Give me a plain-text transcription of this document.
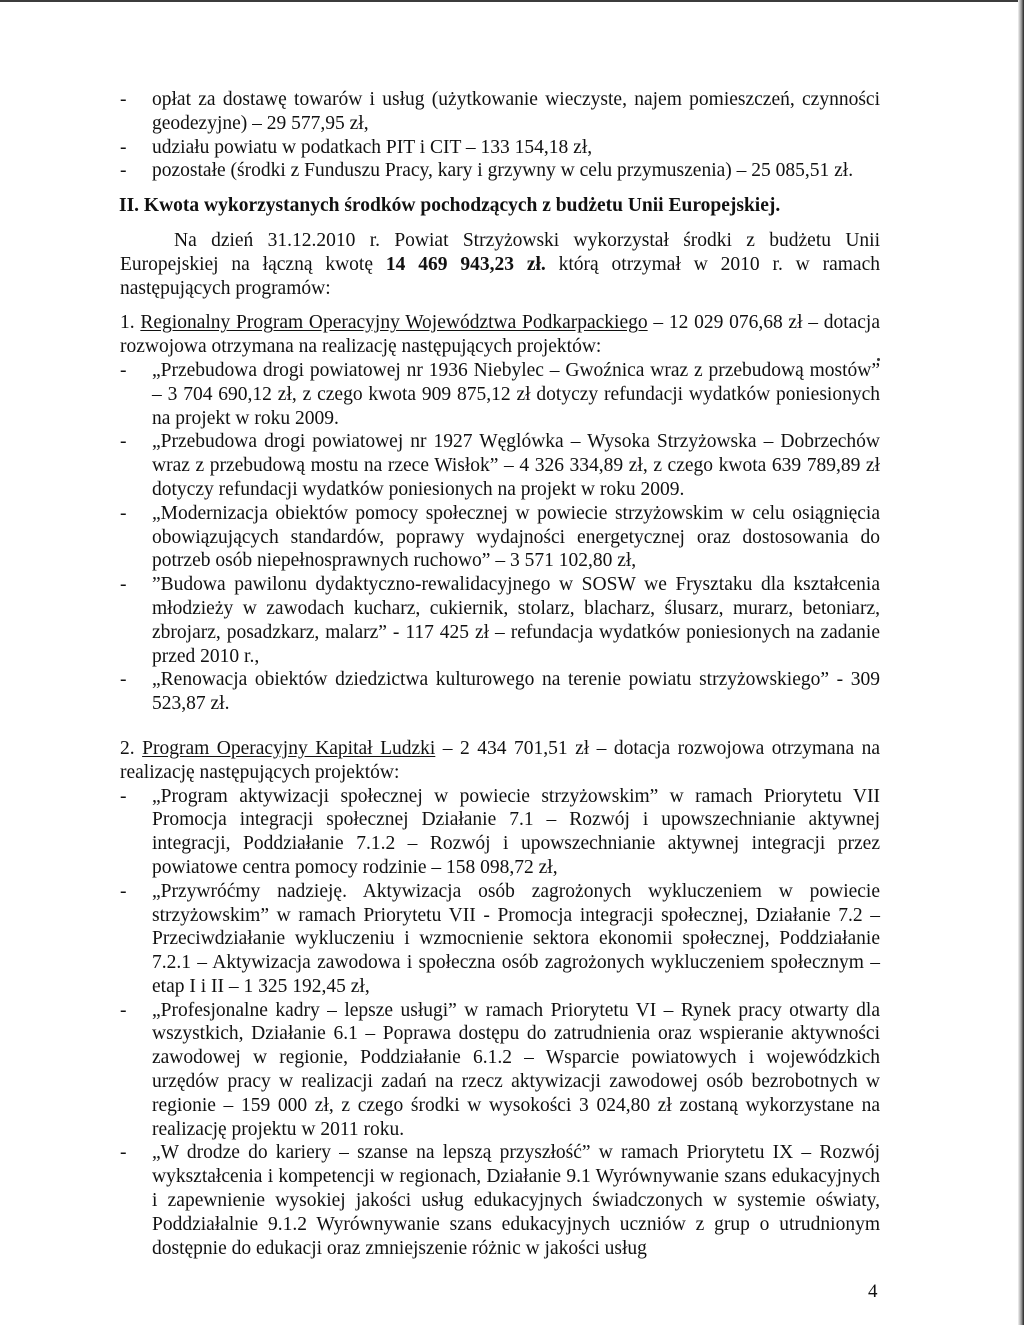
- opłat za dostawę towarów i usług (użytkowanie wieczyste, najem pomieszczeń, czynności geodezyjne) – 29 577,95 zł,
- udziału powiatu w podatkach PIT i CIT – 133 154,18 zł,
- pozostałe (środki z Funduszu Pracy, kary i grzywny w celu przymuszenia) – 25 085,51 zł.
II. Kwota wykorzystanych środków pochodzących z budżetu Unii Europejskiej.
Na dzień 31.12.2010 r. Powiat Strzyżowski wykorzystał środki z budżetu Unii Europejskiej na łączną kwotę 14 469 943,23 zł. którą otrzymał w 2010 r. w ramach następujących programów:
1. Regionalny Program Operacyjny Województwa Podkarpackiego – 12 029 076,68 zł – dotacja rozwojowa otrzymana na realizację następujących projektów:
- „Przebudowa drogi powiatowej nr 1936 Niebylec – Gwoźnica wraz z przebudową mostów” – 3 704 690,12 zł, z czego kwota 909 875,12 zł dotyczy refundacji wydatków poniesionych na projekt w roku 2009.
- „Przebudowa drogi powiatowej nr 1927 Węglówka – Wysoka Strzyżowska – Dobrzechów wraz z przebudową mostu na rzece Wisłok” – 4 326 334,89 zł, z czego kwota 639 789,89 zł dotyczy refundacji wydatków poniesionych na projekt w roku 2009.
- „Modernizacja obiektów pomocy społecznej w powiecie strzyżowskim w celu osiągnięcia obowiązujących standardów, poprawy wydajności energetycznej oraz dostosowania do potrzeb osób niepełnosprawnych ruchowo” – 3 571 102,80 zł,
- ”Budowa pawilonu dydaktyczno-rewalidacyjnego w SOSW we Frysztaku dla kształcenia młodzieży w zawodach kucharz, cukiernik, stolarz, blacharz, ślusarz, murarz, betoniarz, zbrojarz, posadzkarz, malarz” - 117 425 zł – refundacja wydatków poniesionych na zadanie przed 2010 r.,
- „Renowacja obiektów dziedzictwa kulturowego na terenie powiatu strzyżowskiego” - 309 523,87 zł.
2. Program Operacyjny Kapitał Ludzki – 2 434 701,51 zł – dotacja rozwojowa otrzymana na realizację następujących projektów:
- „Program aktywizacji społecznej w powiecie strzyżowskim” w ramach Priorytetu VII Promocja integracji społecznej Działanie 7.1 – Rozwój i upowszechnianie aktywnej integracji, Poddziałanie 7.1.2 – Rozwój i upowszechnianie aktywnej integracji przez powiatowe centra pomocy rodzinie – 158 098,72 zł,
- „Przywróćmy nadzieję. Aktywizacja osób zagrożonych wykluczeniem w powiecie strzyżowskim” w ramach Priorytetu VII - Promocja integracji społecznej, Działanie 7.2 – Przeciwdziałanie wykluczeniu i wzmocnienie sektora ekonomii społecznej, Poddziałanie 7.2.1 – Aktywizacja zawodowa i społeczna osób zagrożonych wykluczeniem społecznym – etap I i II – 1 325 192,45 zł,
- „Profesjonalne kadry – lepsze usługi” w ramach Priorytetu VI – Rynek pracy otwarty dla wszystkich, Działanie 6.1 – Poprawa dostępu do zatrudnienia oraz wspieranie aktywności zawodowej w regionie, Poddziałanie 6.1.2 – Wsparcie powiatowych i wojewódzkich urzędów pracy w realizacji zadań na rzecz aktywizacji zawodowej osób bezrobotnych w regionie – 159 000 zł, z czego środki w wysokości 3 024,80 zł zostaną wykorzystane na realizację projektu w 2011 roku.
- „W drodze do kariery – szanse na lepszą przyszłość” w ramach Priorytetu IX – Rozwój wykształcenia i kompetencji w regionach, Działanie 9.1 Wyrównywanie szans edukacyjnych i zapewnienie wysokiej jakości usług edukacyjnych świadczonych w systemie oświaty, Poddziałalnie 9.1.2 Wyrównywanie szans edukacyjnych uczniów z grup o utrudnionym dostępnie do edukacji oraz zmniejszenie różnic w jakości usług
4
